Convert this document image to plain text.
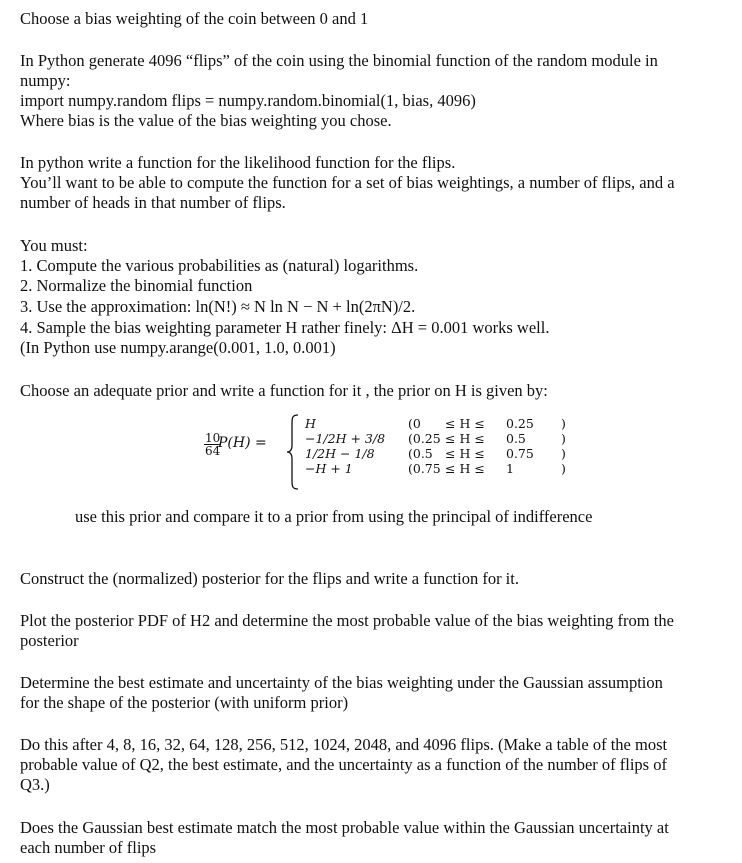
Choose a bias weighting of the coin between 0 and 1
In Python generate 4096 “flips” of the coin using the binomial function of the random module in
numpy:
import numpy.random flips = numpy.random.binomial(1, bias, 4096)
Where bias is the value of the bias weighting you chose.
In python write a function for the likelihood function for the flips.
You’ll want to be able to compute the function for a set of bias weightings, a number of flips, and a
number of heads in that number of flips.
You must:
1. Compute the various probabilities as (natural) logarithms.
2. Normalize the binomial function
3. Use the approximation: ln(N!) ≈ N ln N − N + ln(2πN)/2.
4. Sample the bias weighting parameter H rather finely: ΔH = 0.001 works well.
(In Python use numpy.arange(0.001, 1.0, 0.001)
Choose an adequate prior and write a function for it , the prior on H is given by:
$\frac{10}{64}$
P(H) =
H	(0 ≤ H ≤ 0.25 )
−1/2H + 3/8 (0.25 ≤ H ≤ 0.5	)
1/2H − 1/8	(0.5 ≤ H ≤ 0.75 )
−H + 1	(0.75 ≤ H ≤ 1	)
use this prior and compare it to a prior from using the principal of indifference
Construct the (normalized) posterior for the flips and write a function for it.
Plot the posterior PDF of H2 and determine the most probable value of the bias weighting from the
posterior
Determine the best estimate and uncertainty of the bias weighting under the Gaussian assumption
for the shape of the posterior (with uniform prior)
Do this after 4, 8, 16, 32, 64, 128, 256, 512, 1024, 2048, and 4096 flips. (Make a table of the most
probable value of Q2, the best estimate, and the uncertainty as a function of the number of flips of
Q3.)
Does the Gaussian best estimate match the most probable value within the Gaussian uncertainty at
each number of flips
